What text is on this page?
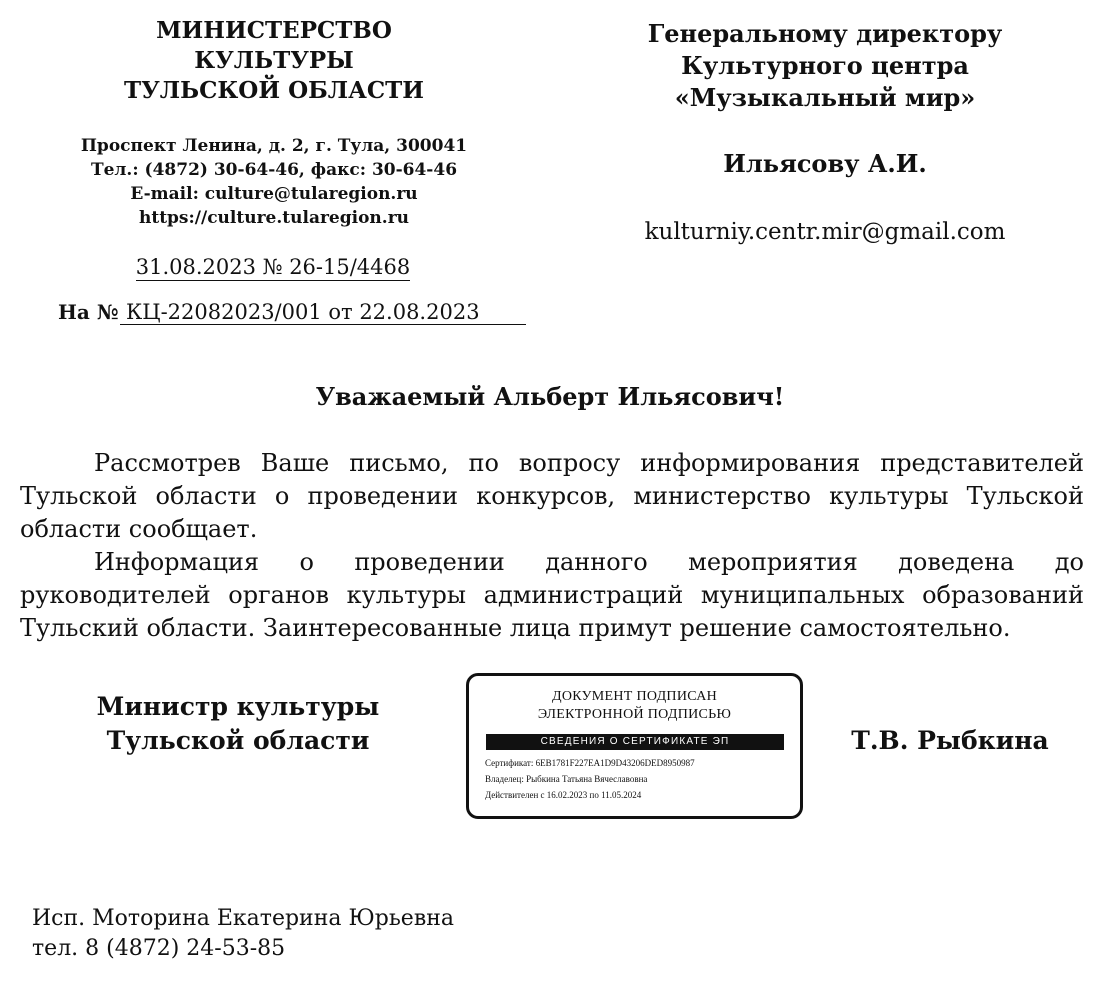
МИНИСТЕРСТВО
КУЛЬТУРЫ
ТУЛЬСКОЙ ОБЛАСТИ
Проспект Ленина, д. 2, г. Тула, 300041
Тел.: (4872) 30-64-46, факс: 30-64-46
E-mail: culture@tularegion.ru
https://culture.tularegion.ru
31.08.2023 № 26-15/4468
На № КЦ-22082023/001 от 22.08.2023
Генеральному директору
Культурного центра
«Музыкальный мир»
Ильясову А.И.
kulturniy.centr.mir@gmail.com
Уважаемый Альберт Ильясович!

Рассмотрев Ваше письмо, по вопросу информирования представителей Тульской области о проведении конкурсов, министерство культуры Тульской области сообщает.

Информация о проведении данного мероприятия доведена до руководителей органов культуры администраций муниципальных образований Тульский области. Заинтересованные лица примут решение самостоятельно.

Министр культуры
Тульской области
ДОКУМЕНТ ПОДПИСАН
ЭЛЕКТРОННОЙ ПОДПИСЬЮ
СВЕДЕНИЯ О СЕРТИФИКАТЕ ЭП
Сертификат: 6EB1781F227EA1D9D43206DED8950987
Владелец: Рыбкина Татьяна Вячеславовна
Действителен с 16.02.2023 по 11.05.2024
Т.В. Рыбкина
Исп. Моторина Екатерина Юрьевна
тел. 8 (4872) 24-53-85
